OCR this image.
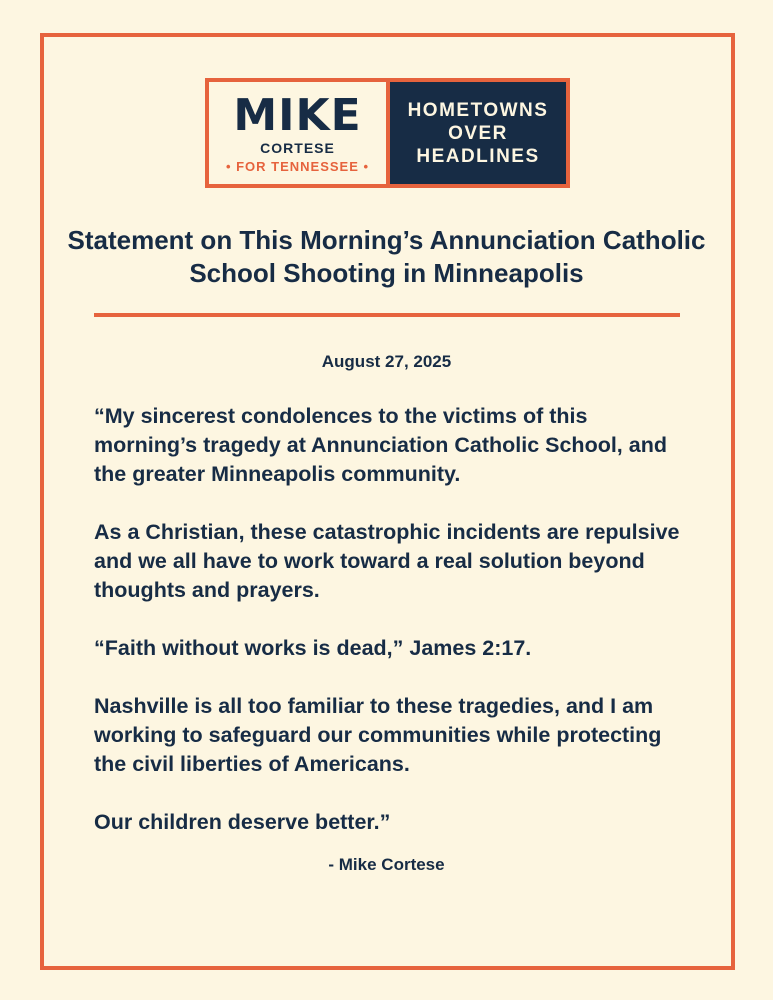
MIKE
CORTESE
• FOR TENNESSEE •
HOMETOWNS
OVER
HEADLINES
Statement on This Morning’s Annunciation Catholic School Shooting in Minneapolis
August 27, 2025

“My sincerest condolences to the victims of this morning’s tragedy at Annunciation Catholic School, and the greater Minneapolis community.

As a Christian, these catastrophic incidents are repulsive and we all have to work toward a real solution beyond thoughts and prayers.

“Faith without works is dead,” James 2:17.

Nashville is all too familiar to these tragedies, and I am working to safeguard our communities while protecting the civil liberties of Americans.

Our children deserve better.”

- Mike Cortese
